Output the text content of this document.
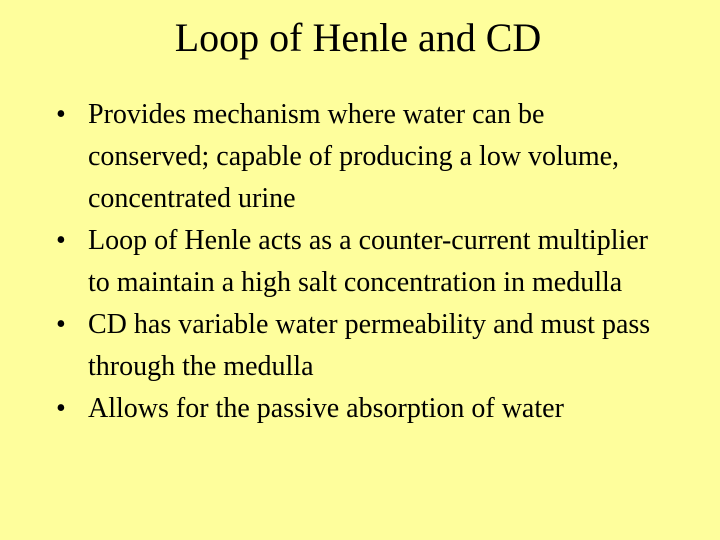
Loop of Henle and CD
• Provides mechanism where water can be conserved; capable of producing a low volume, concentrated urine
• Loop of Henle acts as a counter-current multiplier to maintain a high salt concentration in medulla
• CD has variable water permeability and must pass through the medulla
• Allows for the passive absorption of water
